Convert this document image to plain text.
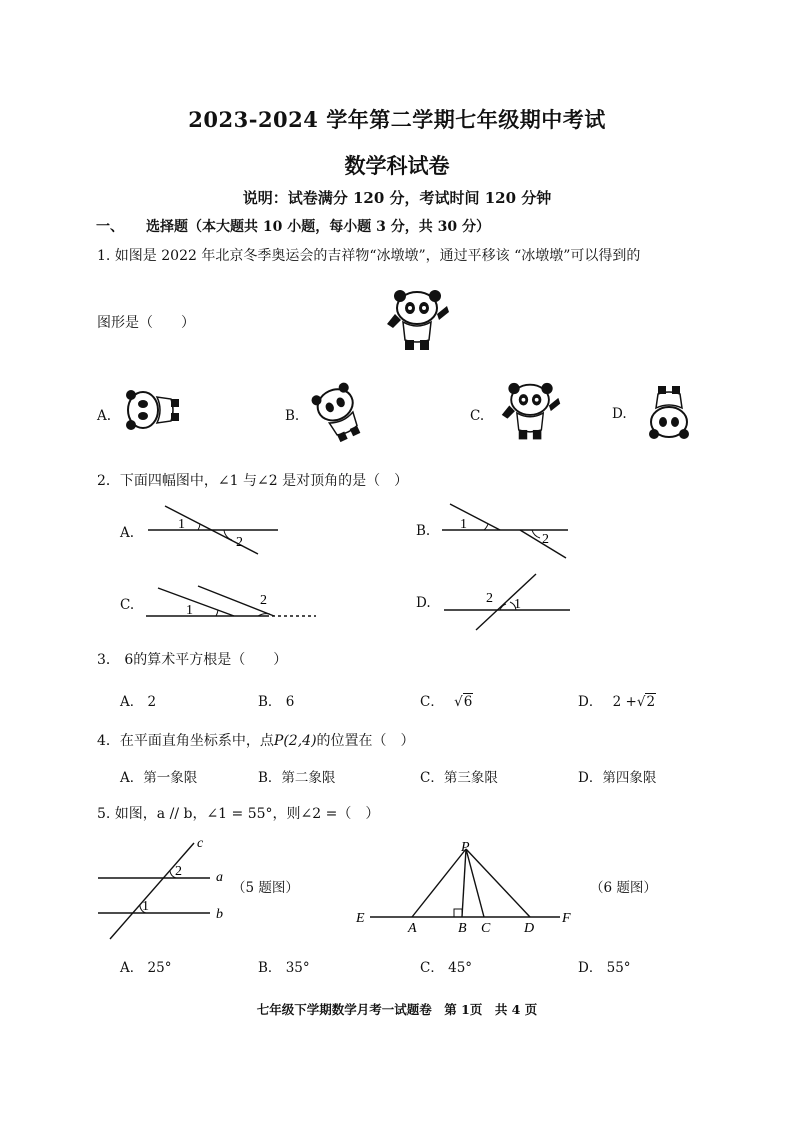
2023-2024 学年第二学期七年级期中考试
数学科试卷
说明：试卷满分 120 分，考试时间 120 分钟
一、 选择题（本大题共 10 小题，每小题 3 分，共 30 分）
1. 如图是 2022 年北京冬季奥运会的吉祥物“冰墩墩”，通过平移该 “冰墩墩”可以得到的
图形是（　　）
A.	B.	C.	D.
2．下面四幅图中，∠1 与∠2 是对顶角的是（　）
A.
1
2
B. 1
2
C.	1
2	D.	2 1
3． 6的算术平方根是（　　）
A． 2	B． 6	C． √6	D． 2 +√2
4．在平面直角坐标系中，点P(2,4)的位置在（　）
A．第一象限	B．第二象限	C．第三象限	D．第四象限
5. 如图，a // b，∠1 = 55°，则∠2 =（　）
c
a
b
2
1
（5 题图）
P
E
A	B C D
F
（6 题图）
A． 25°	B． 35°	C． 45°	D． 55°
七年级下学期数学月考一试题卷　第 1页　共 4 页
